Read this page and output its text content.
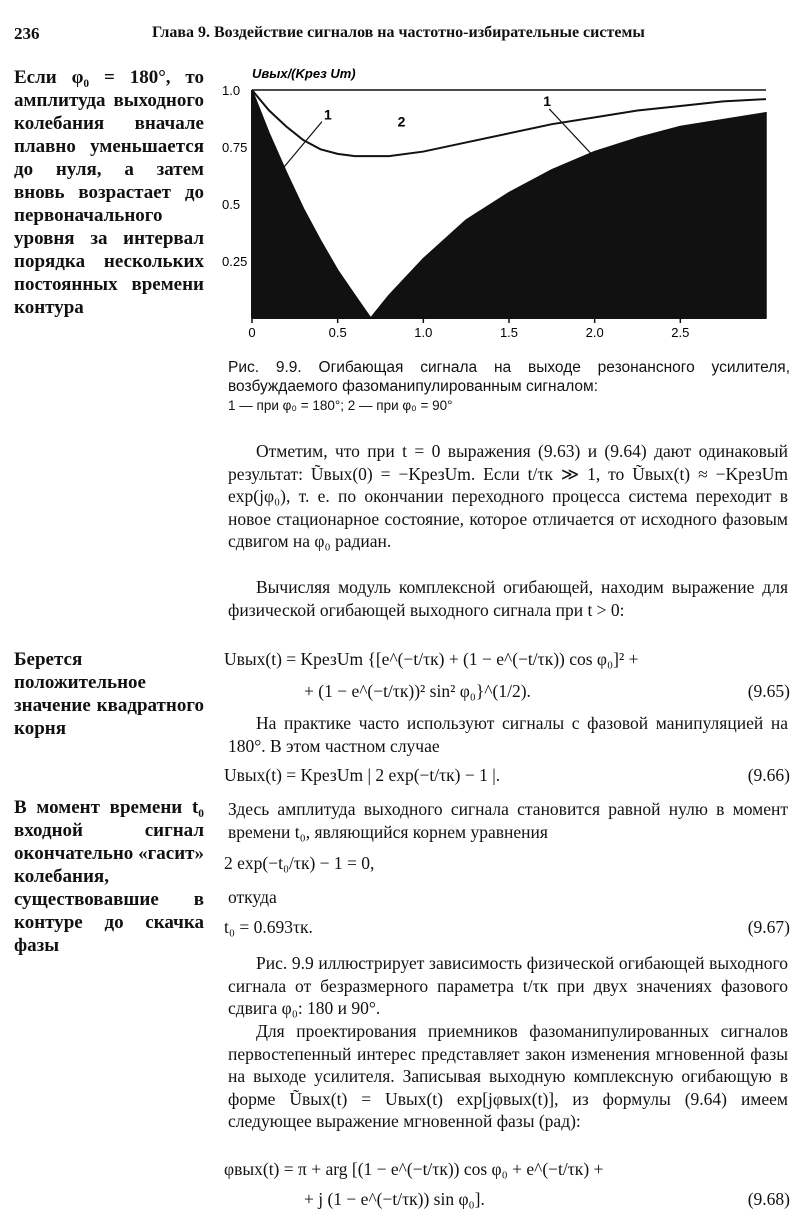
236	Глава 9. Воздействие сигналов на частотно-избирательные системы
Если φ₀ = 180°, то амплитуда выходного колебания вначале плавно уменьшается до нуля, а затем вновь возрастает до первоначального уровня за интервал порядка нескольких постоянных времени контура
Берется положительное значение квадратного корня
В момент времени t₀ входной сигнал окончательно «гасит» колебания, существовавшие в контуре до скачка фазы
Uвых/(Kрез Um)
1.0
0.75
0.5
0.25
0	0.5	1.0	1.5	2.0	2.5
1	2
1
Рис. 9.9. Огибающая сигнала на выходе резонансного усилителя, возбуждаемого фазоманипулированным сигналом:
1 — при φ₀ = 180°; 2 — при φ₀ = 90°

Отметим, что при t = 0 выражения (9.63) и (9.64) дают одинаковый результат: Ũвых(0) = −KрезUm. Если t/τк ≫ 1, то Ũвых(t) ≈ −KрезUm exp(jφ₀), т. е. по окончании переходного процесса система переходит в новое стационарное состояние, которое отличается от исходного фазовым сдвигом на φ₀ радиан.

Вычисляя модуль комплексной огибающей, находим выражение для физической огибающей выходного сигнала при t > 0:

Uвых(t) = KрезUm {[e^(−t/τк) + (1 − e^(−t/τк)) cos φ₀]² +
+ (1 − e^(−t/τк))² sin² φ₀}^(1/2).	(9.65)

На практике часто используют сигналы с фазовой манипуляцией на 180°. В этом частном случае

Uвых(t) = KрезUm | 2 exp(−t/τк) − 1 |.	(9.66)

Здесь амплитуда выходного сигнала становится равной нулю в момент времени t₀, являющийся корнем уравнения

2 exp(−t₀/τк) − 1 = 0,

откуда

t₀ = 0.693τк.	(9.67)

Рис. 9.9 иллюстрирует зависимость физической огибающей выходного сигнала от безразмерного параметра t/τк при двух значениях фазового сдвига φ₀: 180 и 90°.

Для проектирования приемников фазоманипулированных сигналов первостепенный интерес представляет закон изменения мгновенной фазы на выходе усилителя. Записывая выходную комплексную огибающую в форме Ũвых(t) = Uвых(t) exp[jφвых(t)], из формулы (9.64) имеем следующее выражение мгновенной фазы (рад):

φвых(t) = π + arg [(1 − e^(−t/τк)) cos φ₀ + e^(−t/τк) +
+ j (1 − e^(−t/τк)) sin φ₀].	(9.68)
